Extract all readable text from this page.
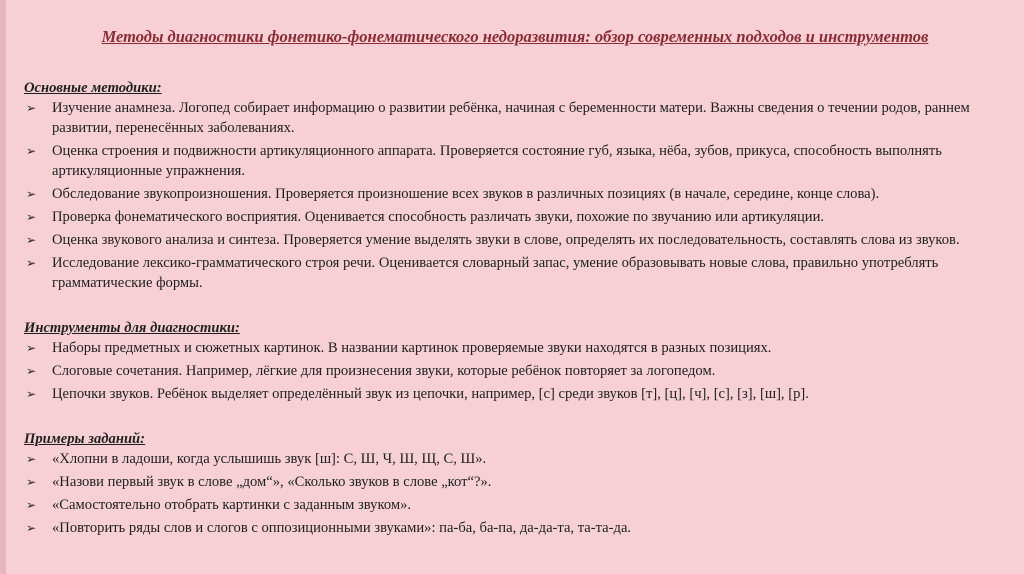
Методы диагностики фонетико-фонематического недоразвития: обзор современных подходов и инструментов

Основные методики:

➢	Изучение анамнеза. Логопед собирает информацию о развитии ребёнка, начиная с беременности матери. Важны сведения о течении родов, раннем развитии, перенесённых заболеваниях.
➢	Оценка строения и подвижности артикуляционного аппарата. Проверяется состояние губ, языка, нёба, зубов, прикуса, способность выполнять артикуляционные упражнения.
➢	Обследование звукопроизношения. Проверяется произношение всех звуков в различных позициях (в начале, середине, конце слова).
➢	Проверка фонематического восприятия. Оценивается способность различать звуки, похожие по звучанию или артикуляции.
➢	Оценка звукового анализа и синтеза. Проверяется умение выделять звуки в слове, определять их последовательность, составлять слова из звуков.
➢	Исследование лексико-грамматического строя речи. Оценивается словарный запас, умение образовывать новые слова, правильно употреблять грамматические формы.

Инструменты для диагностики:

➢	Наборы предметных и сюжетных картинок. В названии картинок проверяемые звуки находятся в разных позициях.
➢	Слоговые сочетания. Например, лёгкие для произнесения звуки, которые ребёнок повторяет за логопедом.
➢	Цепочки звуков. Ребёнок выделяет определённый звук из цепочки, например, [с] среди звуков [т], [ц], [ч], [с], [з], [ш], [р].

Примеры заданий:

➢	«Хлопни в ладоши, когда услышишь звук [ш]: С, Ш, Ч, Ш, Щ, С, Ш».
➢	«Назови первый звук в слове „дом“», «Сколько звуков в слове „кот“?».
➢	«Самостоятельно отобрать картинки с заданным звуком».
➢	«Повторить ряды слов и слогов с оппозиционными звуками»: па-ба, ба-па, да-да-та, та-та-да.
